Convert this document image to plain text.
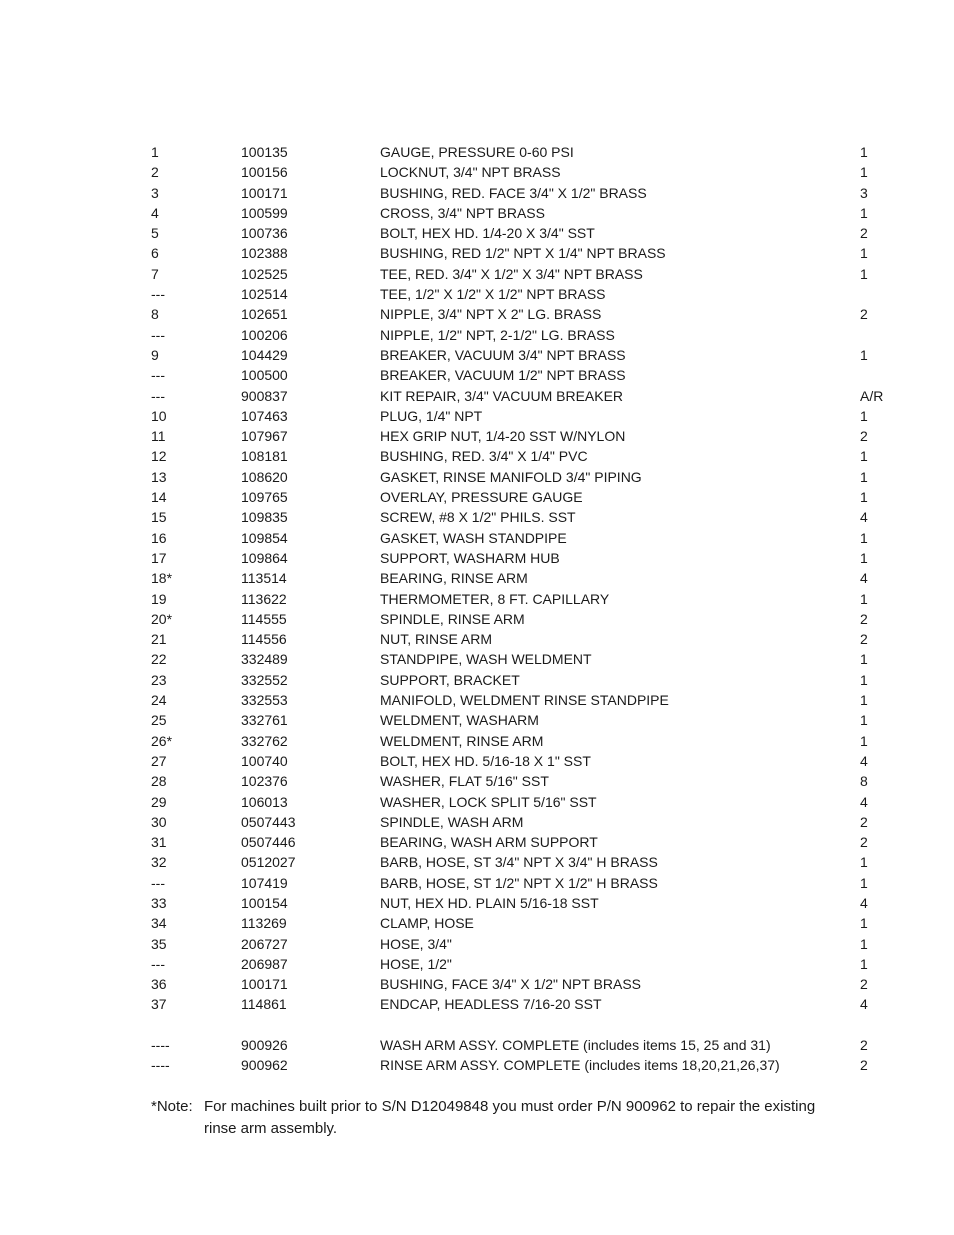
1	100135	GAUGE, PRESSURE 0-60 PSI	1
2	100156	LOCKNUT, 3/4" NPT BRASS	1
3	100171	BUSHING, RED. FACE 3/4" X 1/2" BRASS	3
4	100599	CROSS, 3/4" NPT BRASS	1
5	100736	BOLT, HEX HD. 1/4-20 X 3/4" SST	2
6	102388	BUSHING, RED 1/2" NPT X 1/4" NPT BRASS	1
7	102525	TEE, RED. 3/4" X 1/2" X 3/4" NPT BRASS	1
---	102514	TEE, 1/2" X 1/2" X 1/2" NPT BRASS
8	102651	NIPPLE, 3/4" NPT X 2" LG. BRASS	2
---	100206	NIPPLE, 1/2" NPT, 2-1/2" LG. BRASS
9	104429	BREAKER, VACUUM 3/4" NPT BRASS	1
---	100500	BREAKER, VACUUM 1/2" NPT BRASS
---	900837	KIT REPAIR, 3/4" VACUUM BREAKER	A/R
10	107463	PLUG, 1/4" NPT	1
11	107967	HEX GRIP NUT, 1/4-20 SST W/NYLON	2
12	108181	BUSHING, RED. 3/4" X 1/4" PVC	1
13	108620	GASKET, RINSE MANIFOLD 3/4" PIPING	1
14	109765	OVERLAY, PRESSURE GAUGE	1
15	109835	SCREW, #8 X 1/2" PHILS. SST	4
16	109854	GASKET, WASH STANDPIPE	1
17	109864	SUPPORT, WASHARM HUB	1
18*	113514	BEARING, RINSE ARM	4
19	113622	THERMOMETER, 8 FT. CAPILLARY	1
20*	114555	SPINDLE, RINSE ARM	2
21	114556	NUT, RINSE ARM	2
22	332489	STANDPIPE, WASH WELDMENT	1
23	332552	SUPPORT, BRACKET	1
24	332553	MANIFOLD, WELDMENT RINSE STANDPIPE	1
25	332761	WELDMENT, WASHARM	1
26*	332762	WELDMENT, RINSE ARM	1
27	100740	BOLT, HEX HD. 5/16-18 X 1" SST	4
28	102376	WASHER, FLAT 5/16" SST	8
29	106013	WASHER, LOCK SPLIT 5/16" SST	4
30	0507443	SPINDLE, WASH ARM	2
31	0507446	BEARING, WASH ARM SUPPORT	2
32	0512027	BARB, HOSE, ST 3/4" NPT X 3/4" H BRASS	1
---	107419	BARB, HOSE, ST 1/2" NPT X 1/2" H BRASS	1
33	100154	NUT, HEX HD. PLAIN 5/16-18 SST	4
34	113269	CLAMP, HOSE	1
35	206727	HOSE, 3/4"	1
---	206987	HOSE, 1/2"	1
36	100171	BUSHING, FACE 3/4" X 1/2" NPT BRASS	2
37	114861	ENDCAP, HEADLESS 7/16-20 SST	4
----	900926	WASH ARM ASSY. COMPLETE (includes items 15, 25 and 31)	2
----	900962	RINSE ARM ASSY. COMPLETE (includes items 18,20,21,26,37)	2
*Note: For machines built prior to S/N D12049848 you must order P/N 900962 to repair the existing rinse arm assembly.
